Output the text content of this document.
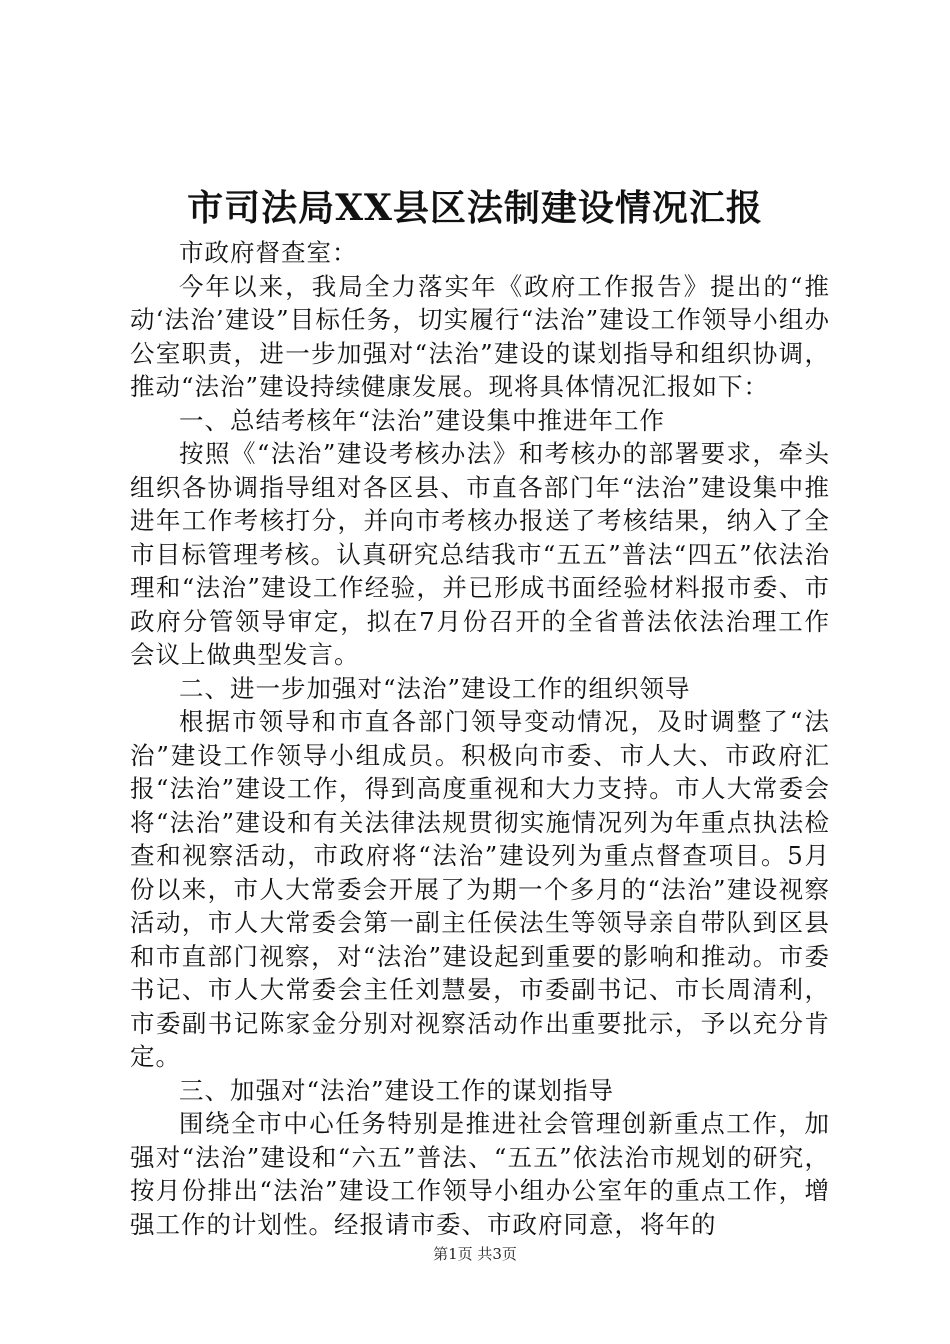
市司法局XX县区法制建设情况汇报

市政府督查室：

今年以来，我局全力落实年《政府工作报告》提出的“推动‘法治’建设”目标任务，切实履行“法治”建设工作领导小组办公室职责，进一步加强对“法治”建设的谋划指导和组织协调，推动“法治”建设持续健康发展。现将具体情况汇报如下：

一、总结考核年“法治”建设集中推进年工作

按照《“法治”建设考核办法》和考核办的部署要求，牵头组织各协调指导组对各区县、市直各部门年“法治”建设集中推进年工作考核打分，并向市考核办报送了考核结果，纳入了全市目标管理考核。认真研究总结我市“五五”普法“四五”依法治理和“法治”建设工作经验，并已形成书面经验材料报市委、市政府分管领导审定，拟在7月份召开的全省普法依法治理工作会议上做典型发言。

二、进一步加强对“法治”建设工作的组织领导

根据市领导和市直各部门领导变动情况，及时调整了“法治”建设工作领导小组成员。积极向市委、市人大、市政府汇报“法治”建设工作，得到高度重视和大力支持。市人大常委会将“法治”建设和有关法律法规贯彻实施情况列为年重点执法检查和视察活动，市政府将“法治”建设列为重点督查项目。5月份以来，市人大常委会开展了为期一个多月的“法治”建设视察活动，市人大常委会第一副主任侯法生等领导亲自带队到区县和市直部门视察，对“法治”建设起到重要的影响和推动。市委书记、市人大常委会主任刘慧晏，市委副书记、市长周清利，市委副书记陈家金分别对视察活动作出重要批示，予以充分肯定。

三、加强对“法治”建设工作的谋划指导

围绕全市中心任务特别是推进社会管理创新重点工作，加强对“法治”建设和“六五”普法、“五五”依法治市规划的研究，按月份排出“法治”建设工作领导小组办公室年的重点工作，增强工作的计划性。经报请市委、市政府同意，将年的

第1页 共3页
